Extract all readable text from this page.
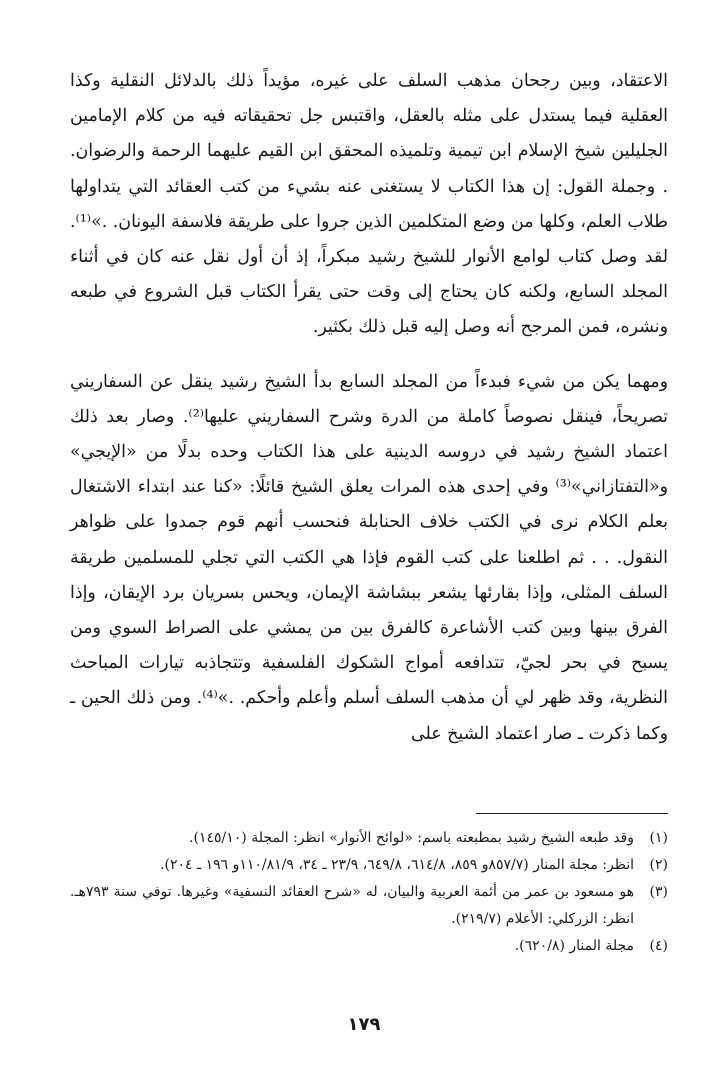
الاعتقاد، وبين رجحان مذهب السلف على غيره، مؤيداً ذلك بالدلائل النقلية وكذا العقلية فيما يستدل على مثله بالعقل، واقتبس جل تحقيقاته فيه من كلام الإمامين الجليلين شيخ الإسلام ابن تيمية وتلميذه المحقق ابن القيم عليهما الرحمة والرضوان. . وجملة القول: إن هذا الكتاب لا يستغنى عنه بشيء من كتب العقائد التي يتداولها طلاب العلم، وكلها من وضع المتكلمين الذين جروا على طريقة فلاسفة اليونان. .»⁽¹⁾. لقد وصل كتاب لوامع الأنوار للشيخ رشيد مبكراً، إذ أن أول نقل عنه كان في أثناء المجلد السابع، ولكنه كان يحتاج إلى وقت حتى يقرأ الكتاب قبل الشروع في طبعه ونشره، فمن المرجح أنه وصل إليه قبل ذلك بكثير.

ومهما يكن من شيء فبدءاً من المجلد السابع بدأ الشيخ رشيد ينقل عن السفاريني تصريحاً، فينقل نصوصاً كاملة من الدرة وشرح السفاريني عليها⁽²⁾. وصار بعد ذلك اعتماد الشيخ رشيد في دروسه الدينية على هذا الكتاب وحده بدلًا من «الإيجي» و«التفتازاني»⁽³⁾ وفي إحدى هذه المرات يعلق الشيخ قائلًا: «كنا عند ابتداء الاشتغال بعلم الكلام نرى في الكتب خلاف الحنابلة فنحسب أنهم قوم جمدوا على ظواهر النقول. . . ثم اطلعنا على كتب القوم فإذا هي الكتب التي تجلي للمسلمين طريقة السلف المثلى، وإذا بقارئها يشعر ببشاشة الإيمان، ويحس بسريان برد الإيقان، وإذا الفرق بينها وبين كتب الأشاعرة كالفرق بين من يمشي على الصراط السوي ومن يسبح في بحر لجيّ، تتدافعه أمواج الشكوك الفلسفية وتتجاذبه تيارات المباحث النظرية، وقد ظهر لي أن مذهب السلف أسلم وأعلم وأحكم. .»⁽⁴⁾. ومن ذلك الحين ـ وكما ذكرت ـ صار اعتماد الشيخ على

(١)
وقد طبعه الشيخ رشيد بمطبعته باسم: «لوائح الأنوار» انظر: المجلة (١٤٥/١٠).
(٢)
انظر: مجلة المنار (٨٥٧/٧و ٨٥٩، ٦١٤/٨، ٦٤٩/٨، ٢٣/٩ ـ ٣٤، ١١٠/٨١/٩و ١٩٦ ـ ٢٠٤).
(٣)
هو مسعود بن عمر من أئمة العربية والبيان، له «شرح العقائد النسفية» وغيرها. توفي سنة ٧٩٣هـ. انظر: الزركلي: الأعلام (٢١٩/٧).
(٤)
مجلة المنار (٦٢٠/٨).
١٧٩
